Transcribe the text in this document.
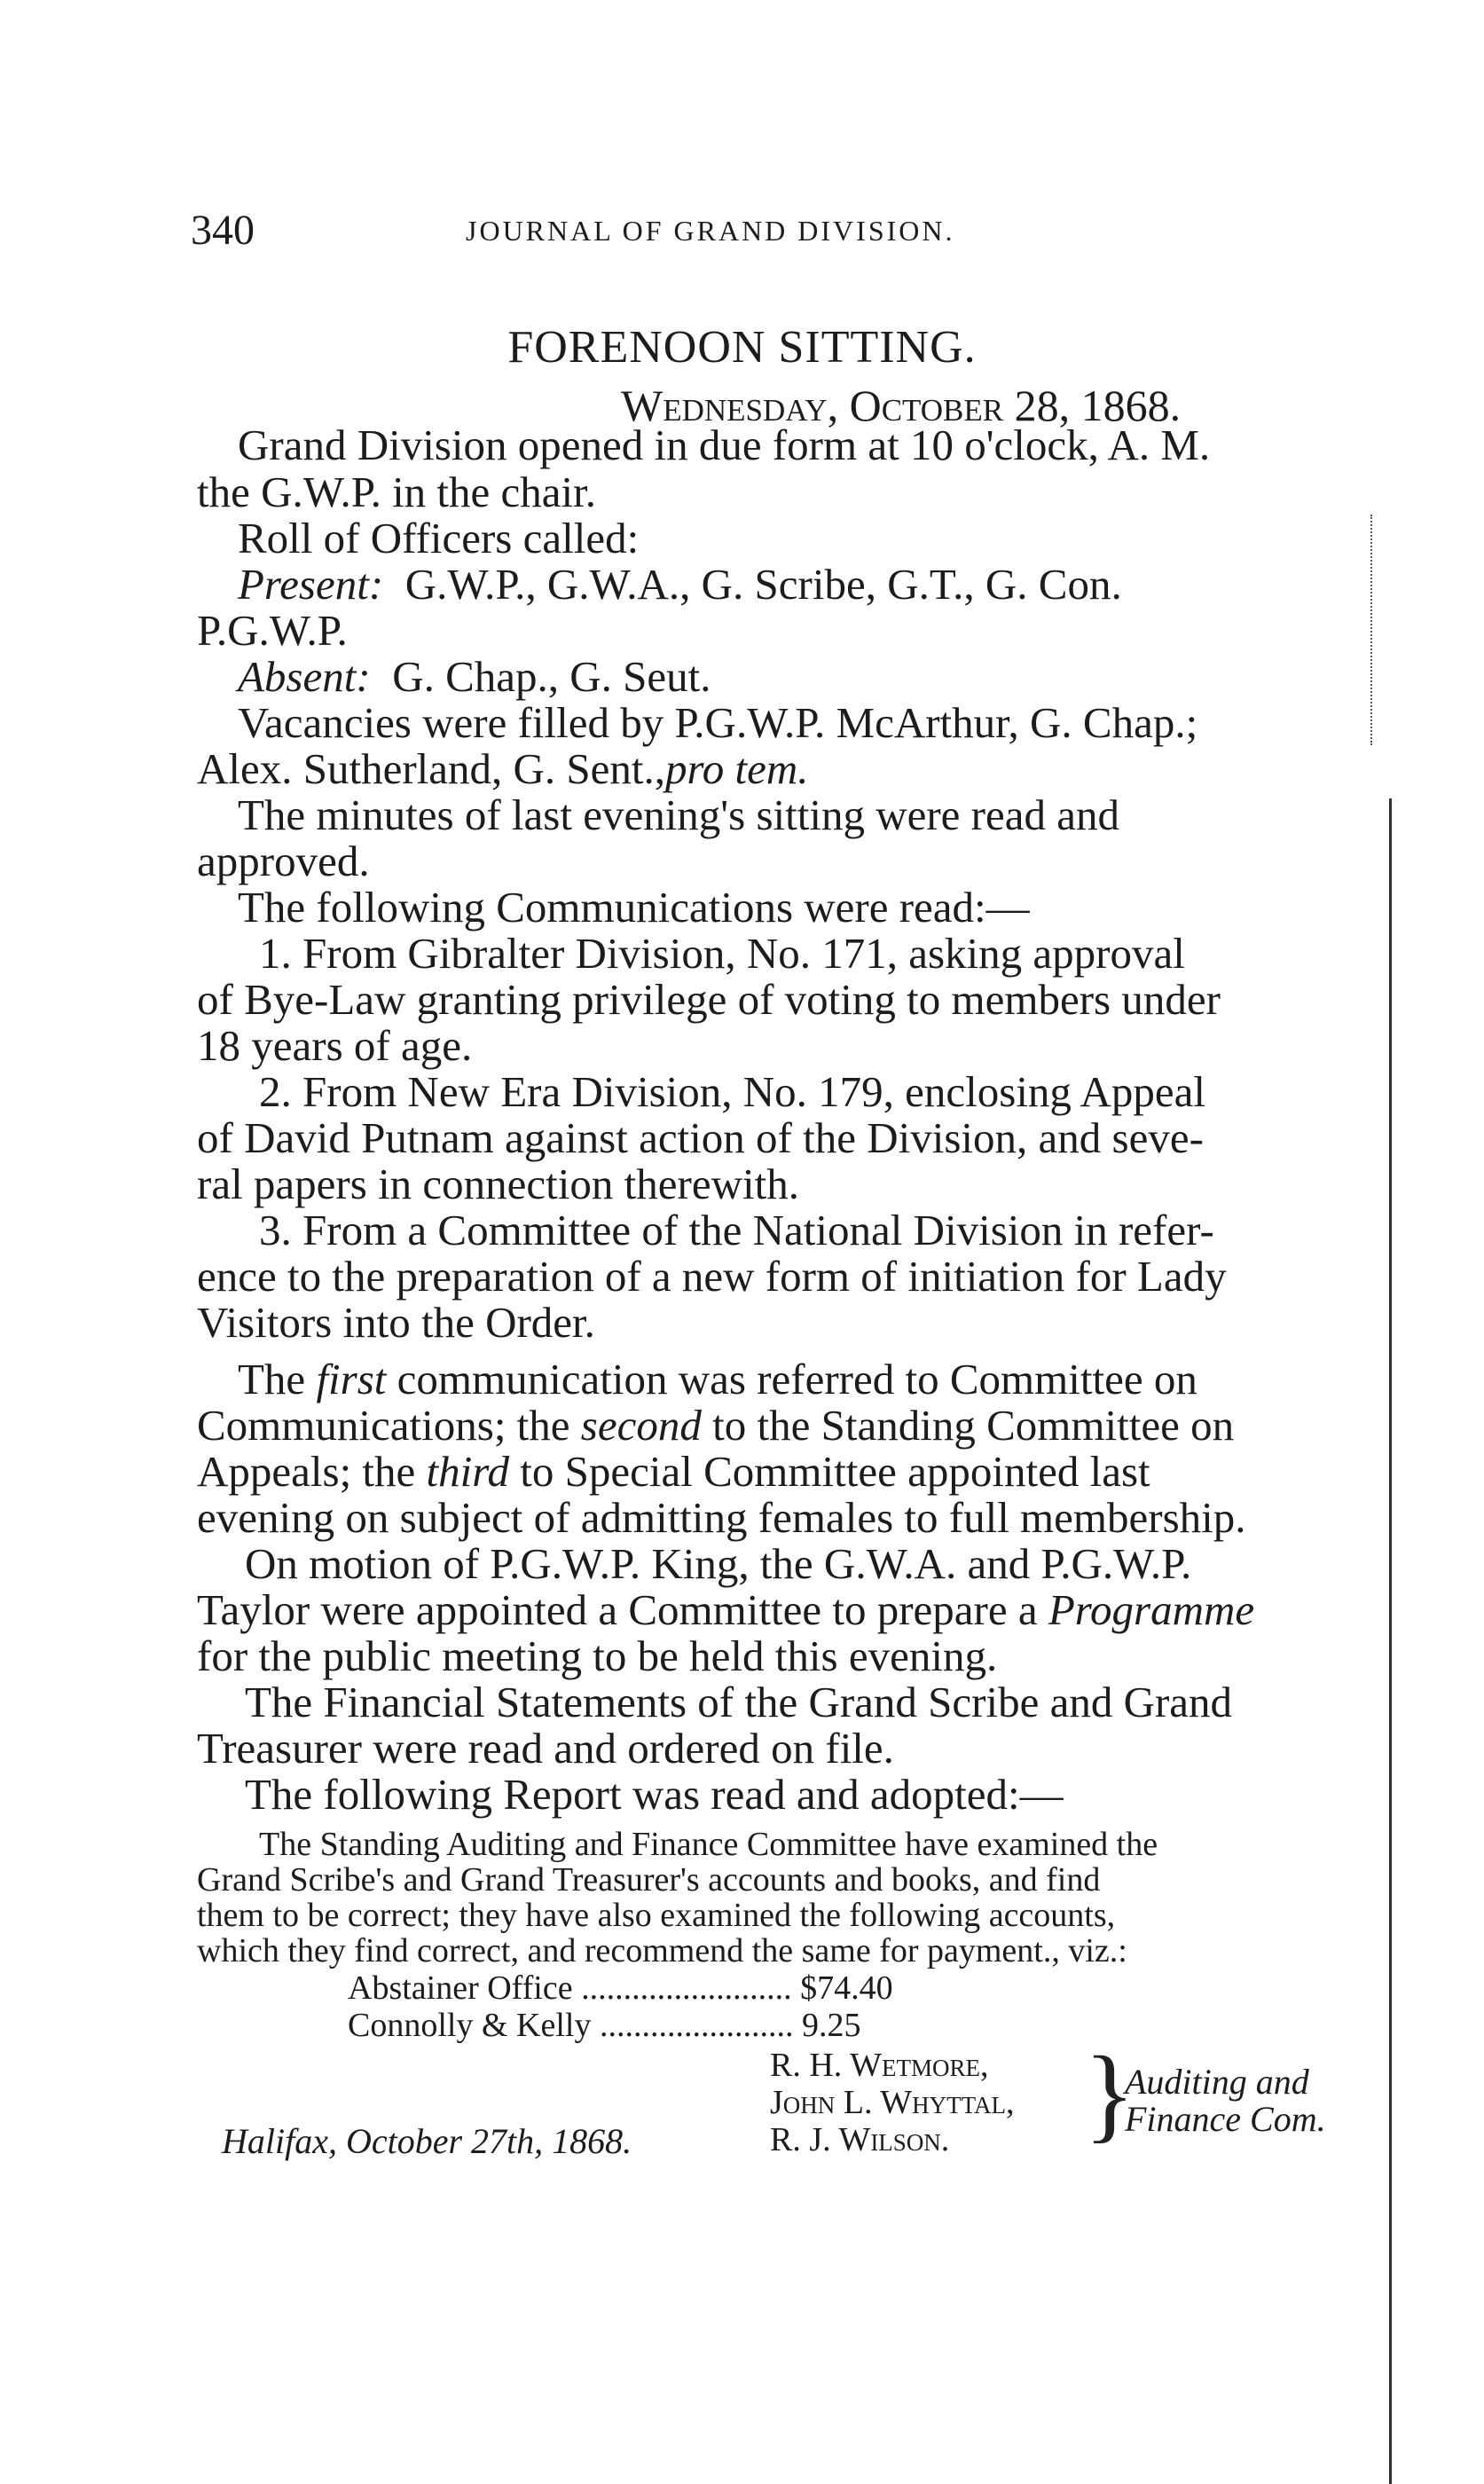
340	JOURNAL OF GRAND DIVISION.
FORENOON SITTING.
Wednesday, October 28, 1868.
Grand Division opened in due form at 10 o'clock, A. M.
the G.W.P. in the chair.
Roll of Officers called:
Present: G.W.P., G.W.A., G. Scribe, G.T., G. Con.
P.G.W.P.
Absent: G. Chap., G. Seut.
Vacancies were filled by P.G.W.P. McArthur, G. Chap.;
Alex. Sutherland, G. Sent.,pro tem.
The minutes of last evening's sitting were read and
approved.
The following Communications were read:—
1. From Gibralter Division, No. 171, asking approval
of Bye-Law granting privilege of voting to members under
18 years of age.
2. From New Era Division, No. 179, enclosing Appeal
of David Putnam against action of the Division, and seve-
ral papers in connection therewith.
3. From a Committee of the National Division in refer-
ence to the preparation of a new form of initiation for Lady
Visitors into the Order.
The first communication was referred to Committee on
Communications; the second to the Standing Committee on
Appeals; the third to Special Committee appointed last
evening on subject of admitting females to full membership.
On motion of P.G.W.P. King, the G.W.A. and P.G.W.P.
Taylor were appointed a Committee to prepare a Programme
for the public meeting to be held this evening.
The Financial Statements of the Grand Scribe and Grand
Treasurer were read and ordered on file.
The following Report was read and adopted:—
The Standing Auditing and Finance Committee have examined the
Grand Scribe's and Grand Treasurer's accounts and books, and find
them to be correct; they have also examined the following accounts,
which they find correct, and recommend the same for payment., viz.:
Abstainer Office ......................... $74.40
Connolly & Kelly ....................... 9.25
R. H. Wetmore,
John L. Whyttal,
R. J. Wilson. }
Auditing and
Finance Com.
Halifax, October 27th, 1868.
